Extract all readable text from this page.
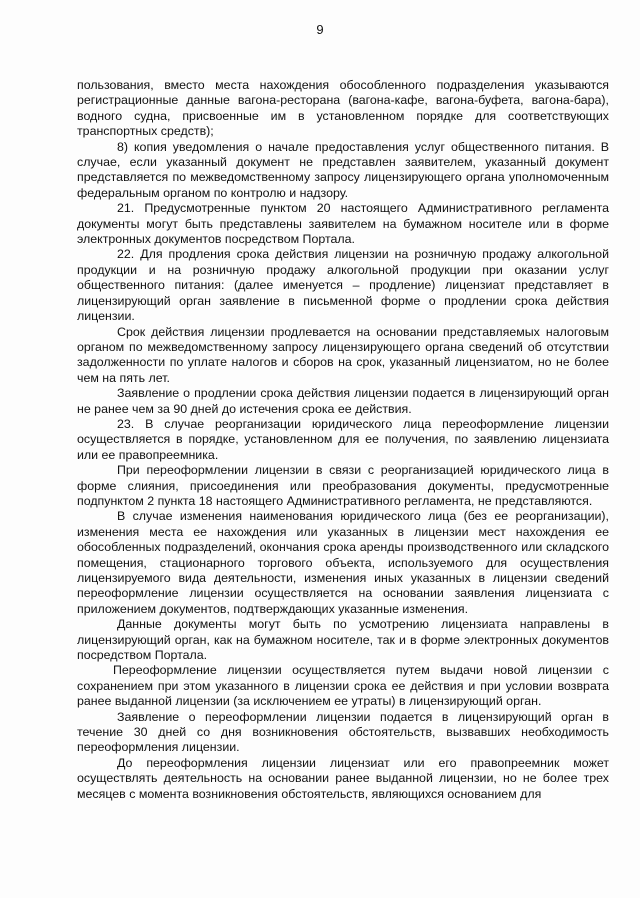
9

пользования, вместо места нахождения обособленного подразделения указываются регистрационные данные вагона-ресторана (вагона-кафе, вагона-буфета, вагона-бара), водного судна, присвоенные им в установленном порядке для соответствующих транспортных средств);

8) копия уведомления о начале предоставления услуг общественного питания. В случае, если указанный документ не представлен заявителем, указанный документ представляется по межведомственному запросу лицензирующего органа уполномоченным федеральным органом по контролю и надзору.

21. Предусмотренные пунктом 20 настоящего Административного регламента документы могут быть представлены заявителем на бумажном носителе или в форме электронных документов посредством Портала.

22. Для продления срока действия лицензии на розничную продажу алкогольной продукции и на розничную продажу алкогольной продукции при оказании услуг общественного питания: (далее именуется – продление) лицензиат представляет в лицензирующий орган заявление в письменной форме о продлении срока действия лицензии.

Срок действия лицензии продлевается на основании представляемых налоговым органом по межведомственному запросу лицензирующего органа сведений об отсутствии задолженности по уплате налогов и сборов на срок, указанный лицензиатом, но не более чем на пять лет.

Заявление о продлении срока действия лицензии подается в лицензирующий орган не ранее чем за 90 дней до истечения срока ее действия.

23. В случае реорганизации юридического лица переоформление лицензии осуществляется в порядке, установленном для ее получения, по заявлению лицензиата или ее правопреемника.

При переоформлении лицензии в связи с реорганизацией юридического лица в форме слияния, присоединения или преобразования документы, предусмотренные подпунктом 2 пункта 18 настоящего Административного регламента, не представляются.

В случае изменения наименования юридического лица (без ее реорганизации), изменения места ее нахождения или указанных в лицензии мест нахождения ее обособленных подразделений, окончания срока аренды производственного или складского помещения, стационарного торгового объекта, используемого для осуществления лицензируемого вида деятельности, изменения иных указанных в лицензии сведений переоформление лицензии осуществляется на основании заявления лицензиата с приложением документов, подтверждающих указанные изменения.

Данные документы могут быть по усмотрению лицензиата направлены в лицензирующий орган, как на бумажном носителе, так и в форме электронных документов посредством Портала.

Переоформление лицензии осуществляется путем выдачи новой лицензии с сохранением при этом указанного в лицензии срока ее действия и при условии возврата ранее выданной лицензии (за исключением ее утраты) в лицензирующий орган.

Заявление о переоформлении лицензии подается в лицензирующий орган в течение 30 дней со дня возникновения обстоятельств, вызвавших необходимость переоформления лицензии.

До переоформления лицензии лицензиат или его правопреемник может осуществлять деятельность на основании ранее выданной лицензии, но не более трех месяцев с момента возникновения обстоятельств, являющихся основанием для
